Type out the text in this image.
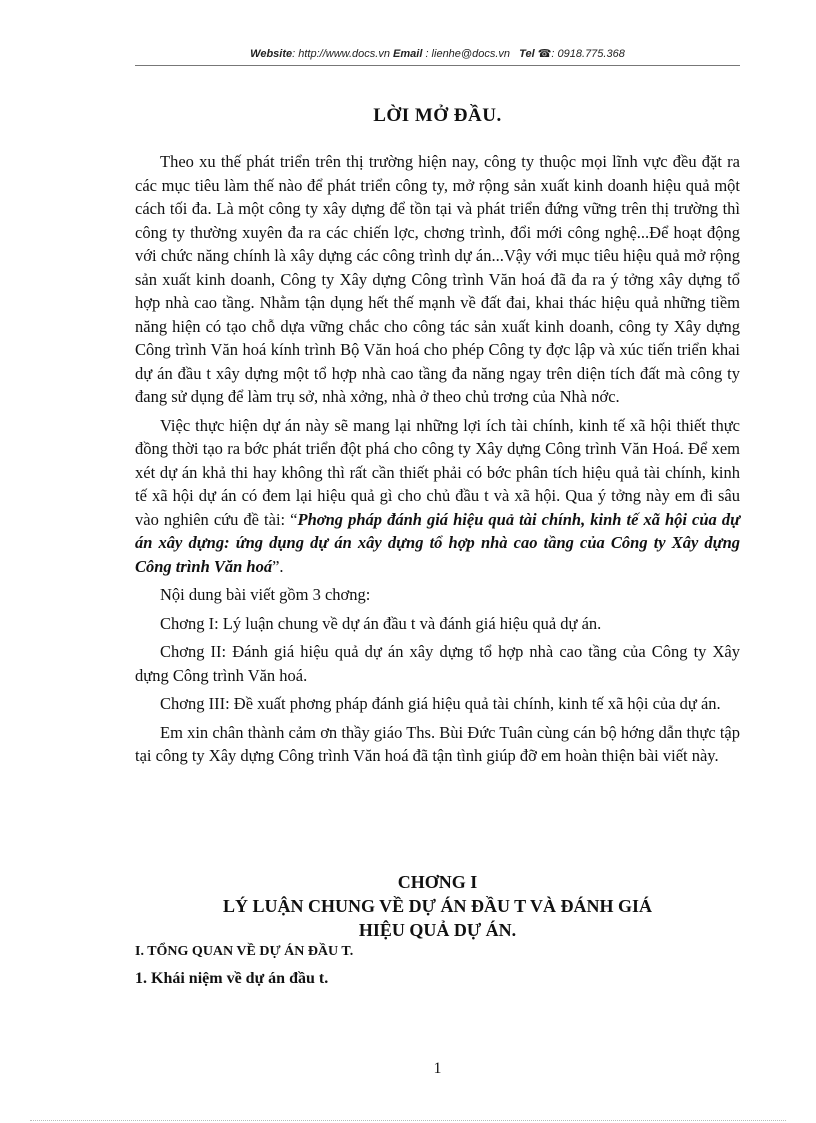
Website: http://www.docs.vn Email : lienhe@docs.vn Tel ☎: 0918.775.368
LỜI MỞ ĐẦU.

Theo xu thế phát triển trên thị trường hiện nay, công ty thuộc mọi lĩnh vực đều đặt ra các mục tiêu làm thế nào để phát triển công ty, mở rộng sản xuất kinh doanh hiệu quả một cách tối đa. Là một công ty xây dựng để tồn tại và phát triển đứng vững trên thị trường thì công ty thường xuyên đa ra các chiến lợc, chơng trình, đổi mới công nghệ...Để hoạt động với chức năng chính là xây dựng các công trình dự án...Vậy với mục tiêu hiệu quả mở rộng sản xuất kinh doanh, Công ty Xây dựng Công trình Văn hoá đã đa ra ý tởng xây dựng tổ hợp nhà cao tầng. Nhằm tận dụng hết thế mạnh về đất đai, khai thác hiệu quả những tiềm năng hiện có tạo chỗ dựa vững chắc cho công tác sản xuất kinh doanh, công ty Xây dựng Công trình Văn hoá kính trình Bộ Văn hoá cho phép Công ty đợc lập và xúc tiến triển khai dự án đầu t xây dựng một tổ hợp nhà cao tầng đa năng ngay trên diện tích đất mà công ty đang sử dụng để làm trụ sở, nhà xởng, nhà ở theo chủ trơng của Nhà nớc.

Việc thực hiện dự án này sẽ mang lại những lợi ích tài chính, kinh tế xã hội thiết thực đồng thời tạo ra bớc phát triển đột phá cho công ty Xây dựng Công trình Văn Hoá. Để xem xét dự án khả thi hay không thì rất cần thiết phải có bớc phân tích hiệu quả tài chính, kinh tế xã hội dự án có đem lại hiệu quả gì cho chủ đầu t và xã hội. Qua ý tởng này em đi sâu vào nghiên cứu đề tài: “Phơng pháp đánh giá hiệu quả tài chính, kinh tế xã hội của dự án xây dựng: ứng dụng dự án xây dựng tổ hợp nhà cao tầng của Công ty Xây dựng Công trình Văn hoá”.

Nội dung bài viết gồm 3 chơng:

Chơng I: Lý luận chung về dự án đầu t và đánh giá hiệu quả dự án.

Chơng II: Đánh giá hiệu quả dự án xây dựng tổ hợp nhà cao tầng của Công ty Xây dựng Công trình Văn hoá.

Chơng III: Đề xuất phơng pháp đánh giá hiệu quả tài chính, kinh tế xã hội của dự án.

Em xin chân thành cảm ơn thầy giáo Ths. Bùi Đức Tuân cùng cán bộ hớng dẫn thực tập tại công ty Xây dựng Công trình Văn hoá đã tận tình giúp đỡ em hoàn thiện bài viết này.

CHƠNG I
LÝ LUẬN CHUNG VỀ DỰ ÁN ĐẦU T VÀ ĐÁNH GIÁ
HIỆU QUẢ DỰ ÁN.
I. TỔNG QUAN VỀ DỰ ÁN ĐẦU T.
1. Khái niệm về dự án đầu t.
1
